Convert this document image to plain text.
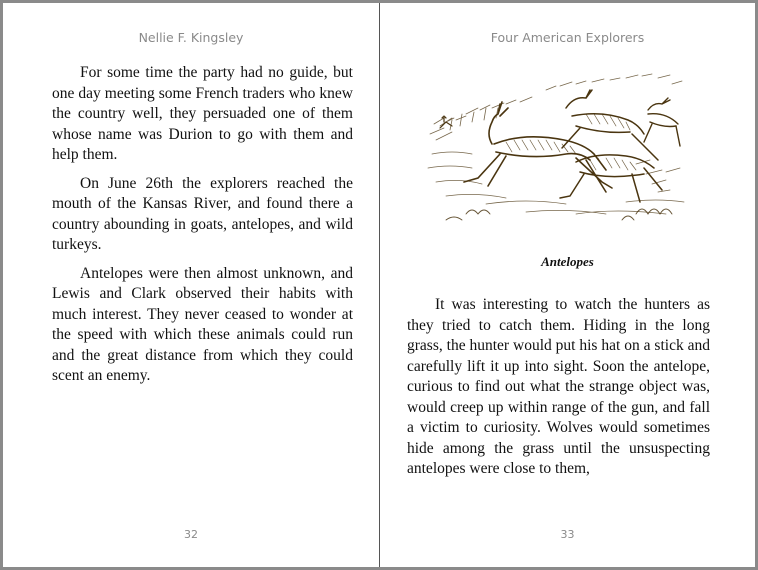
Nellie F. Kingsley

For some time the party had no guide, but one day meeting some French traders who knew the country well, they persuaded one of them whose name was Durion to go with them and help them.

On June 26th the explorers reached the mouth of the Kansas River, and found there a country abounding in goats, antelopes, and wild turkeys.

Antelopes were then almost unknown, and Lewis and Clark observed their habits with much interest. They never ceased to wonder at the speed with which these animals could run and the great distance from which they could scent an enemy.

32
Four American Explorers
Antelopes

It was interesting to watch the hunters as they tried to catch them. Hiding in the long grass, the hunter would put his hat on a stick and carefully lift it up into sight. Soon the antelope, curious to find out what the strange object was, would creep up within range of the gun, and fall a victim to curiosity. Wolves would sometimes hide among the grass until the unsuspecting antelopes were close to them,

33
